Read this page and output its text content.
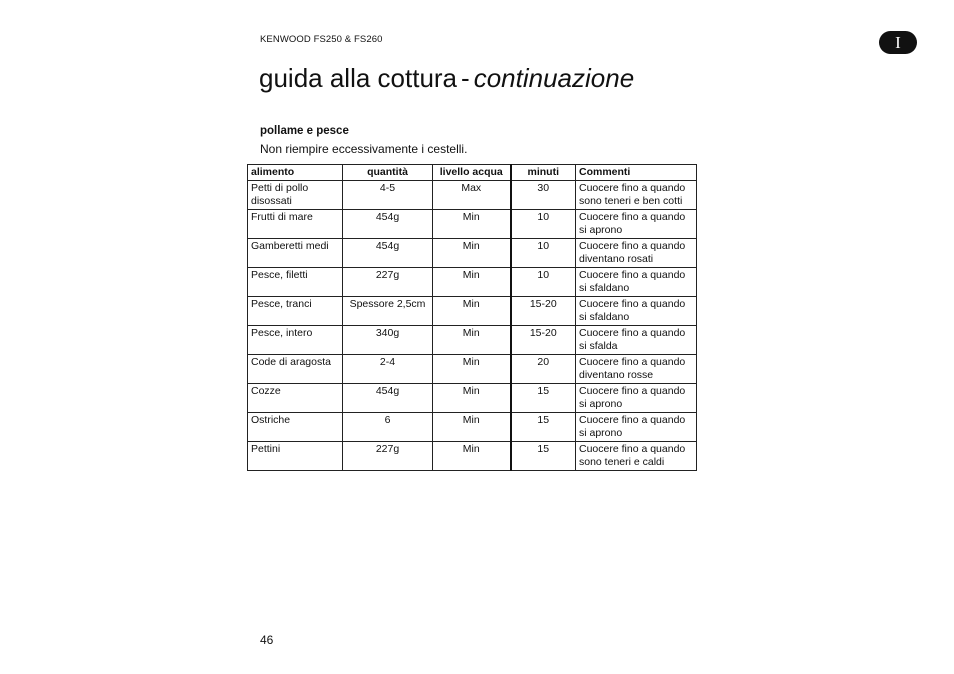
KENWOOD FS250 & FS260	I
guida alla cottura - continuazione
pollame e pesce
Non riempire eccessivamente i cestelli.
alimento	quantità	livello acqua	minuti	Commenti
Petti di pollo disossati	4-5	Max	30	Cuocere fino a quando sono teneri e ben cotti
Frutti di mare	454g	Min	10	Cuocere fino a quando si aprono
Gamberetti medi	454g	Min	10	Cuocere fino a quando diventano rosati
Pesce, filetti	227g	Min	10	Cuocere fino a quando si sfaldano
Pesce, tranci	Spessore 2,5cm	Min	15-20	Cuocere fino a quando si sfaldano
Pesce, intero	340g	Min	15-20	Cuocere fino a quando si sfalda
Code di aragosta	2-4	Min	20	Cuocere fino a quando diventano rosse
Cozze	454g	Min	15	Cuocere fino a quando si aprono
Ostriche	6	Min	15	Cuocere fino a quando si aprono
Pettini	227g	Min	15	Cuocere fino a quando sono teneri e caldi
46
